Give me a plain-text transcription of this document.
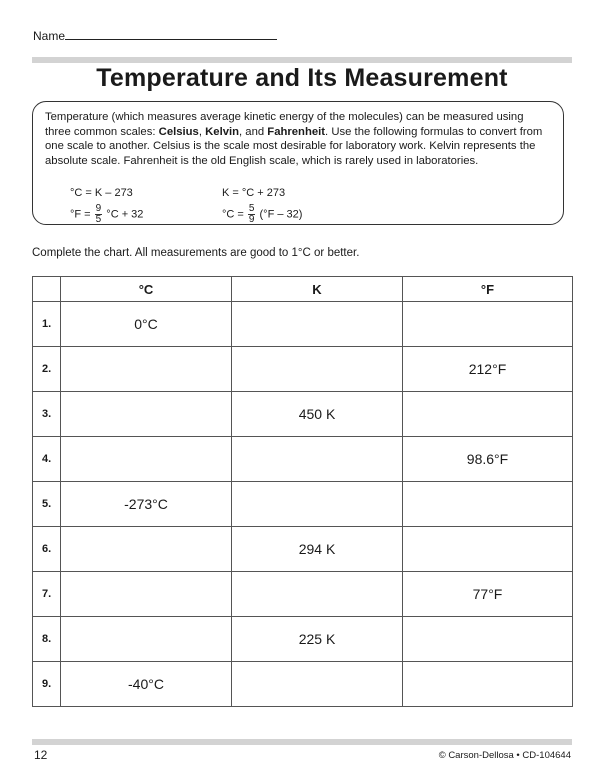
Name
Temperature and Its Measurement
Temperature (which measures average kinetic energy of the molecules) can be measured using three common scales: Celsius, Kelvin, and Fahrenheit. Use the following formulas to convert from one scale to another. Celsius is the scale most desirable for laboratory work. Kelvin represents the absolute scale. Fahrenheit is the old English scale, which is rarely used in laboratories.
°C = K – 273	K = °C + 273
$^\circ F = \frac{9}{5} ^\circ C + 32$	$^\circ C = \frac{5}{9} (^\circ F - 32)$
Complete the chart. All measurements are good to 1°C or better.
	°C	K	°F
1.	0°C		
2.			212°F
3.		450 K	
4.			98.6°F
5.	-273°C		
6.		294 K	
7.			77°F
8.		225 K	
9.	-40°C		
12	© Carson-Dellosa • CD-104644
